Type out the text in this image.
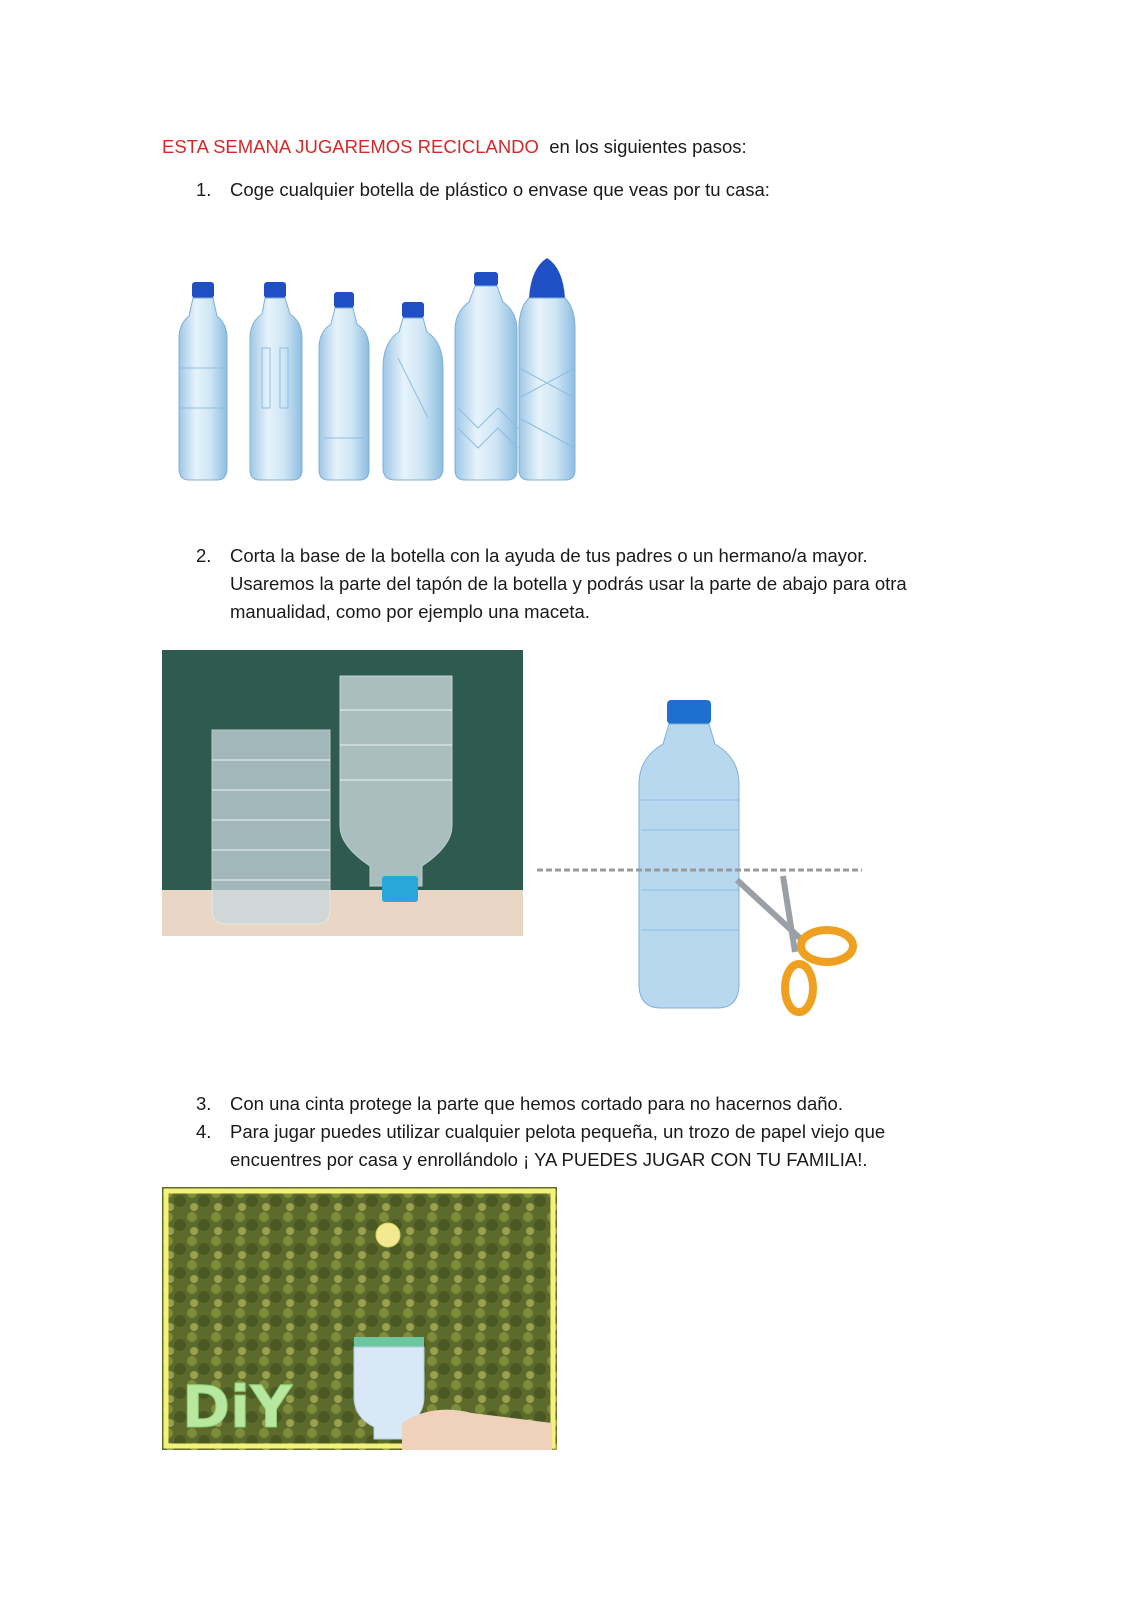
ESTA SEMANA JUGAREMOS RECICLANDO en los siguientes pasos:
1. Coge cualquier botella de plástico o envase que veas por tu casa:
2. Corta la base de la botella con la ayuda de tus padres o un hermano/a mayor.
Usaremos la parte del tapón de la botella y podrás usar la parte de abajo para otra
manualidad, como por ejemplo una maceta.
3. Con una cinta protege la parte que hemos cortado para no hacernos daño.
4. Para jugar puedes utilizar cualquier pelota pequeña, un trozo de papel viejo que
encuentres por casa y enrollándolo ¡ YA PUEDES JUGAR CON TU FAMILIA!.
DiY
